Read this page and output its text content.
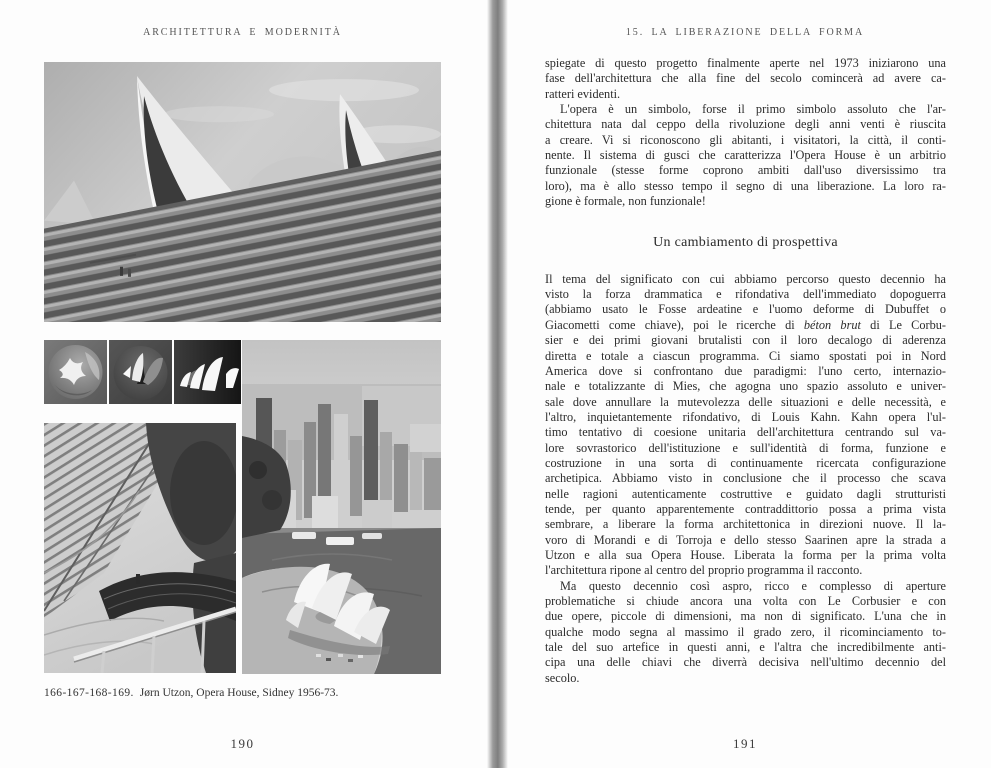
ARCHITETTURA E MODERNITÀ
166-167-168-169. Jørn Utzon, Opera House, Sidney 1956-73.
190
15. LA LIBERAZIONE DELLA FORMA
spiegate di questo progetto finalmente aperte nel 1973 iniziarono una
fase dell'architettura che alla fine del secolo comincerà ad avere ca-
ratteri evidenti.
L'opera è un simbolo, forse il primo simbolo assoluto che l'ar-
chitettura nata dal ceppo della rivoluzione degli anni venti è riuscita
a creare. Vi si riconoscono gli abitanti, i visitatori, la città, il conti-
nente. Il sistema di gusci che caratterizza l'Opera House è un arbitrio
funzionale (stesse forme coprono ambiti dall'uso diversissimo tra
loro), ma è allo stesso tempo il segno di una liberazione. La loro ra-
gione è formale, non funzionale!
Un cambiamento di prospettiva
Il tema del significato con cui abbiamo percorso questo decennio ha
visto la forza drammatica e rifondativa dell'immediato dopoguerra
(abbiamo usato le Fosse ardeatine e l'uomo deforme di Dubuffet o
Giacometti come chiave), poi le ricerche di béton brut di Le Corbu-
sier e dei primi giovani brutalisti con il loro decalogo di aderenza
diretta e totale a ciascun programma. Ci siamo spostati poi in Nord
America dove si confrontano due paradigmi: l'uno certo, internazio-
nale e totalizzante di Mies, che agogna uno spazio assoluto e univer-
sale dove annullare la mutevolezza delle situazioni e delle necessità, e
l'altro, inquietantemente rifondativo, di Louis Kahn. Kahn opera l'ul-
timo tentativo di coesione unitaria dell'architettura centrando sul va-
lore sovrastorico dell'istituzione e sull'identità di forma, funzione e
costruzione in una sorta di continuamente ricercata configurazione
archetipica. Abbiamo visto in conclusione che il processo che scava
nelle ragioni autenticamente costruttive e guidato dagli strutturisti
tende, per quanto apparentemente contraddittorio possa a prima vista
sembrare, a liberare la forma architettonica in direzioni nuove. Il la-
voro di Morandi e di Torroja e dello stesso Saarinen apre la strada a
Utzon e alla sua Opera House. Liberata la forma per la prima volta
l'architettura ripone al centro del proprio programma il racconto.
Ma questo decennio così aspro, ricco e complesso di aperture
problematiche si chiude ancora una volta con Le Corbusier e con
due opere, piccole di dimensioni, ma non di significato. L'una che in
qualche modo segna al massimo il grado zero, il ricominciamento to-
tale del suo artefice in questi anni, e l'altra che incredibilmente anti-
cipa una delle chiavi che diverrà decisiva nell'ultimo decennio del
secolo.
191
